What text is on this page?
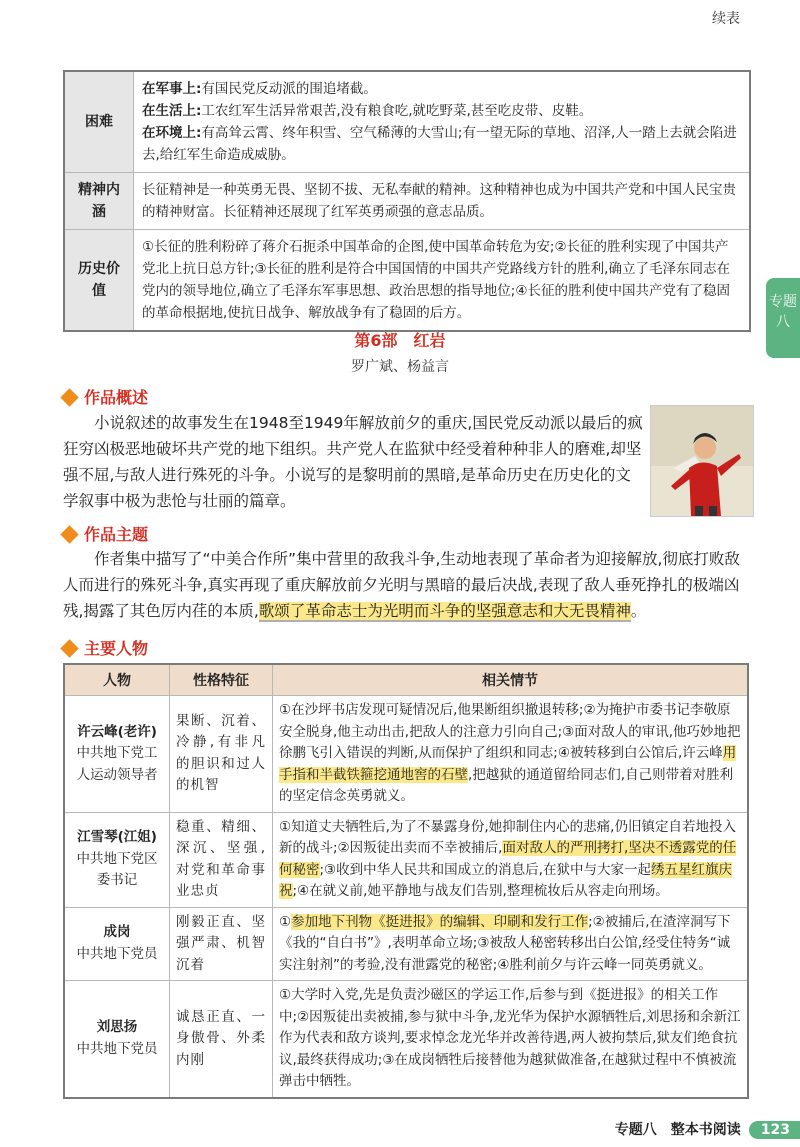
续表
专题八
困难	在军事上:有国民党反动派的围追堵截。
在生活上:工农红军生活异常艰苦,没有粮食吃,就吃野菜,甚至吃皮带、皮鞋。
在环境上:有高耸云霄、终年积雪、空气稀薄的大雪山;有一望无际的草地、沼泽,人一踏上去就会陷进去,给红军生命造成威胁。

精神内涵	长征精神是一种英勇无畏、坚韧不拔、无私奉献的精神。这种精神也成为中国共产党和中国人民宝贵的精神财富。长征精神还展现了红军英勇顽强的意志品质。
历史价值	①长征的胜利粉碎了蒋介石扼杀中国革命的企图,使中国革命转危为安;②长征的胜利实现了中国共产党北上抗日总方针;③长征的胜利是符合中国国情的中国共产党路线方针的胜利,确立了毛泽东同志在党内的领导地位,确立了毛泽东军事思想、政治思想的指导地位;④长征的胜利使中国共产党有了稳固的革命根据地,使抗日战争、解放战争有了稳固的后方。
第6部　红岩
罗广斌、杨益言
作品概述
小说叙述的故事发生在1948至1949年解放前夕的重庆,国民党反动派以最后的疯狂穷凶极恶地破坏共产党的地下组织。共产党人在监狱中经受着种种非人的磨难,却坚强不屈,与敌人进行殊死的斗争。小说写的是黎明前的黑暗,是革命历史在历史化的文学叙事中极为悲怆与壮丽的篇章。
作品主题
作者集中描写了“中美合作所”集中营里的敌我斗争,生动地表现了革命者为迎接解放,彻底打败敌人而进行的殊死斗争,真实再现了重庆解放前夕光明与黑暗的最后决战,表现了敌人垂死挣扎的极端凶残,揭露了其色厉内荏的本质,歌颂了革命志士为光明而斗争的坚强意志和大无畏精神。
主要人物
人物	性格特征	相关情节

许云峰(老许)
中共地下党工人运动领导者	果断、沉着、冷静,有非凡的胆识和过人的机智	①在沙坪书店发现可疑情况后,他果断组织撤退转移;②为掩护市委书记李敬原安全脱身,他主动出击,把敌人的注意力引向自己;③面对敌人的审讯,他巧妙地把徐鹏飞引入错误的判断,从而保护了组织和同志;④被转移到白公馆后,许云峰用手指和半截铁箍挖通地窖的石壁,把越狱的通道留给同志们,自己则带着对胜利的坚定信念英勇就义。

江雪琴(江姐)
中共地下党区委书记	稳重、精细、深沉、坚强,对党和革命事业忠贞	①知道丈夫牺牲后,为了不暴露身份,她抑制住内心的悲痛,仍旧镇定自若地投入新的战斗;②因叛徒出卖而不幸被捕后,面对敌人的严刑拷打,坚决不透露党的任何秘密;③收到中华人民共和国成立的消息后,在狱中与大家一起绣五星红旗庆祝;④在就义前,她平静地与战友们告别,整理梳妆后从容走向刑场。

成岗
中共地下党员	刚毅正直、坚强严肃、机智沉着	①参加地下刊物《挺进报》的编辑、印刷和发行工作;②被捕后,在渣滓洞写下《我的“自白书”》,表明革命立场;③被敌人秘密转移出白公馆,经受住特务“诚实注射剂”的考验,没有泄露党的秘密;④胜利前夕与许云峰一同英勇就义。

刘思扬
中共地下党员	诚恳正直、一身傲骨、外柔内刚	①大学时入党,先是负责沙磁区的学运工作,后参与到《挺进报》的相关工作中;②因叛徒出卖被捕,参与狱中斗争,龙光华为保护水源牺牲后,刘思扬和余新江作为代表和敌方谈判,要求悼念龙光华并改善待遇,两人被拘禁后,狱友们绝食抗议,最终获得成功;③在成岗牺牲后接替他为越狱做准备,在越狱过程中不慎被流弹击中牺牲。
专题八　整本书阅读 123
